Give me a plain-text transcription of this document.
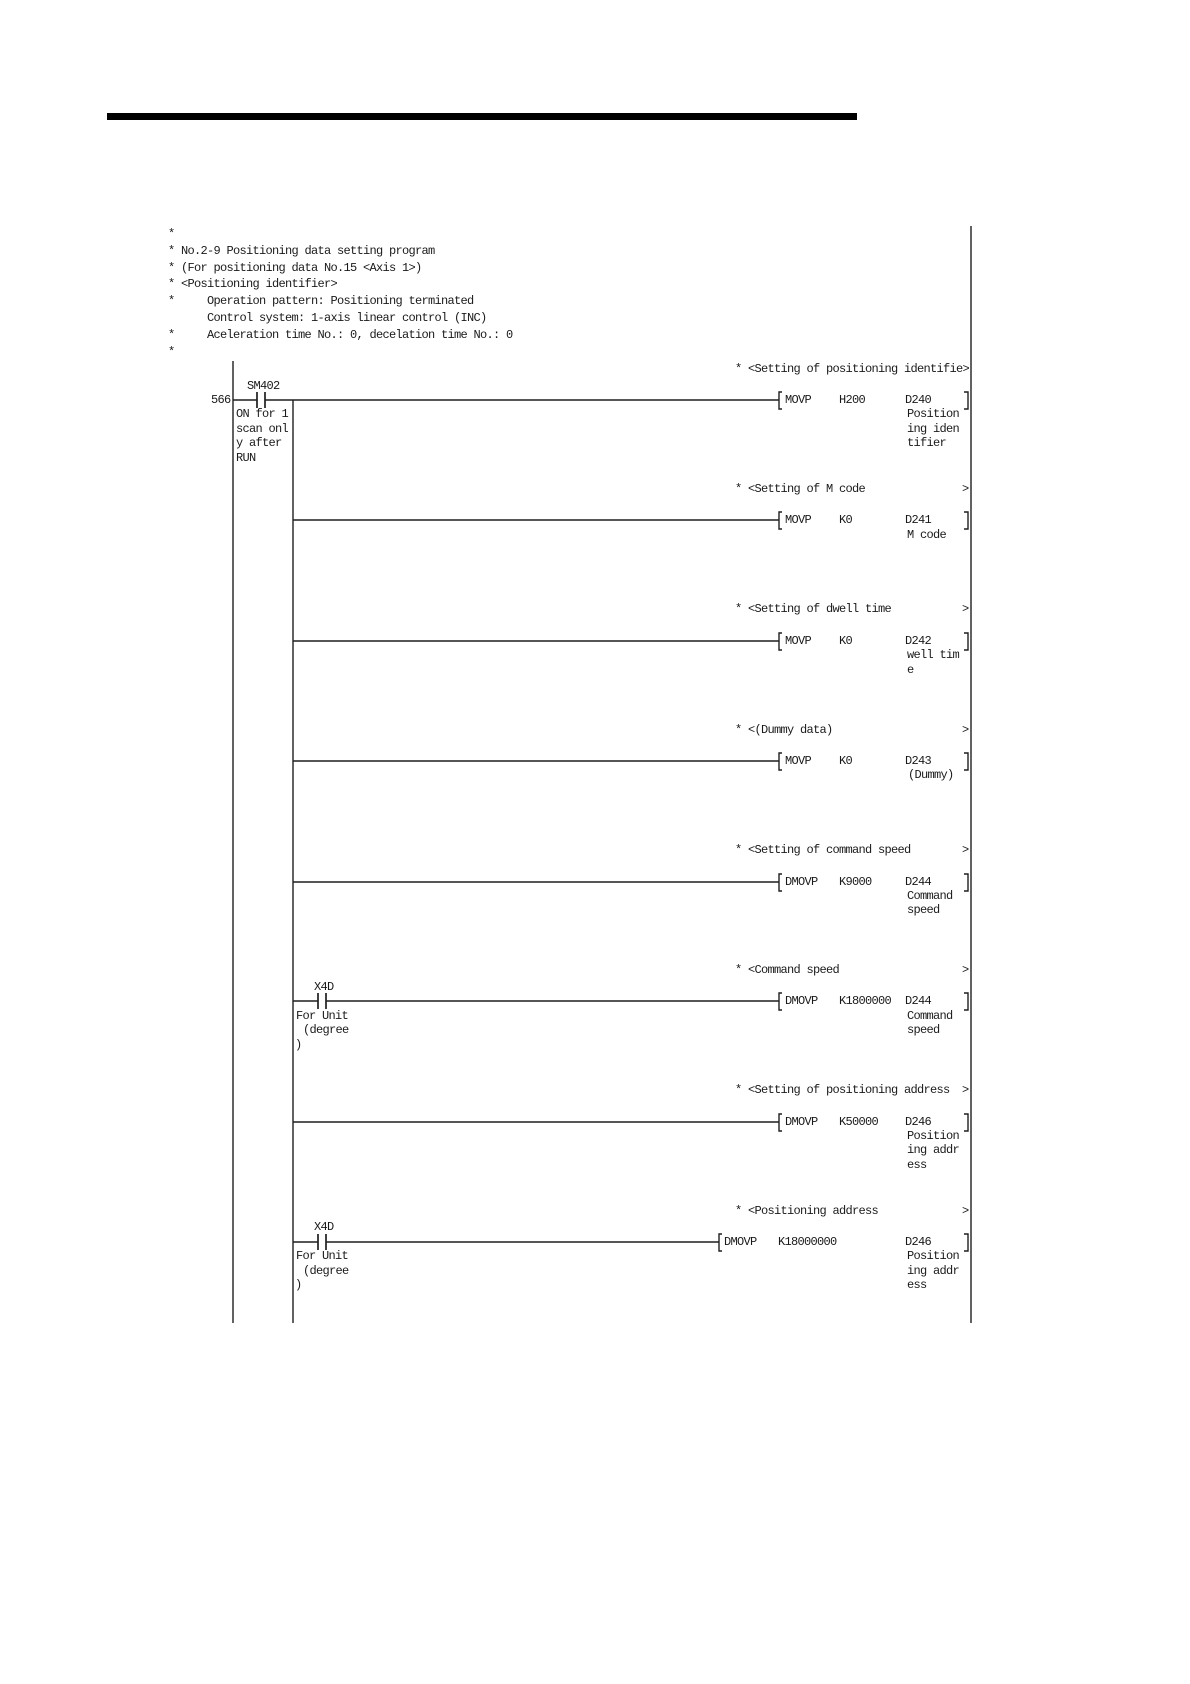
*
* No.2-9 Positioning data setting program
* (For positioning data No.15 <Axis 1>)
* <Positioning identifier>
*     Operation pattern: Positioning terminated
Control system: 1-axis linear control (INC)
*     Aceleration time No.: 0, decelation time No.: 0
*
* <Setting of positioning identifie>
566
SM402
ON for 1
scan onl
y after
RUN
MOVP H200	D240
Position
ing iden
tifier
* <Setting of M code	>
MOVP K0	D241
M code
* <Setting of dwell time	>
MOVP K0	D242
well tim
e
* <(Dummy data)	>
MOVP K0	D243
(Dummy)
* <Setting of command speed	>
DMOVP K9000	D244
Command
speed
* <Command speed	>
X4D
For Unit
(degree
)
DMOVP K1800000 D244
Command
speed
* <Setting of positioning address >
DMOVP K50000 D246
Position
ing addr
ess
* <Positioning address	>
X4D
For Unit
(degree
)
DMOVP K18000000	D246
Position
ing addr
ess
